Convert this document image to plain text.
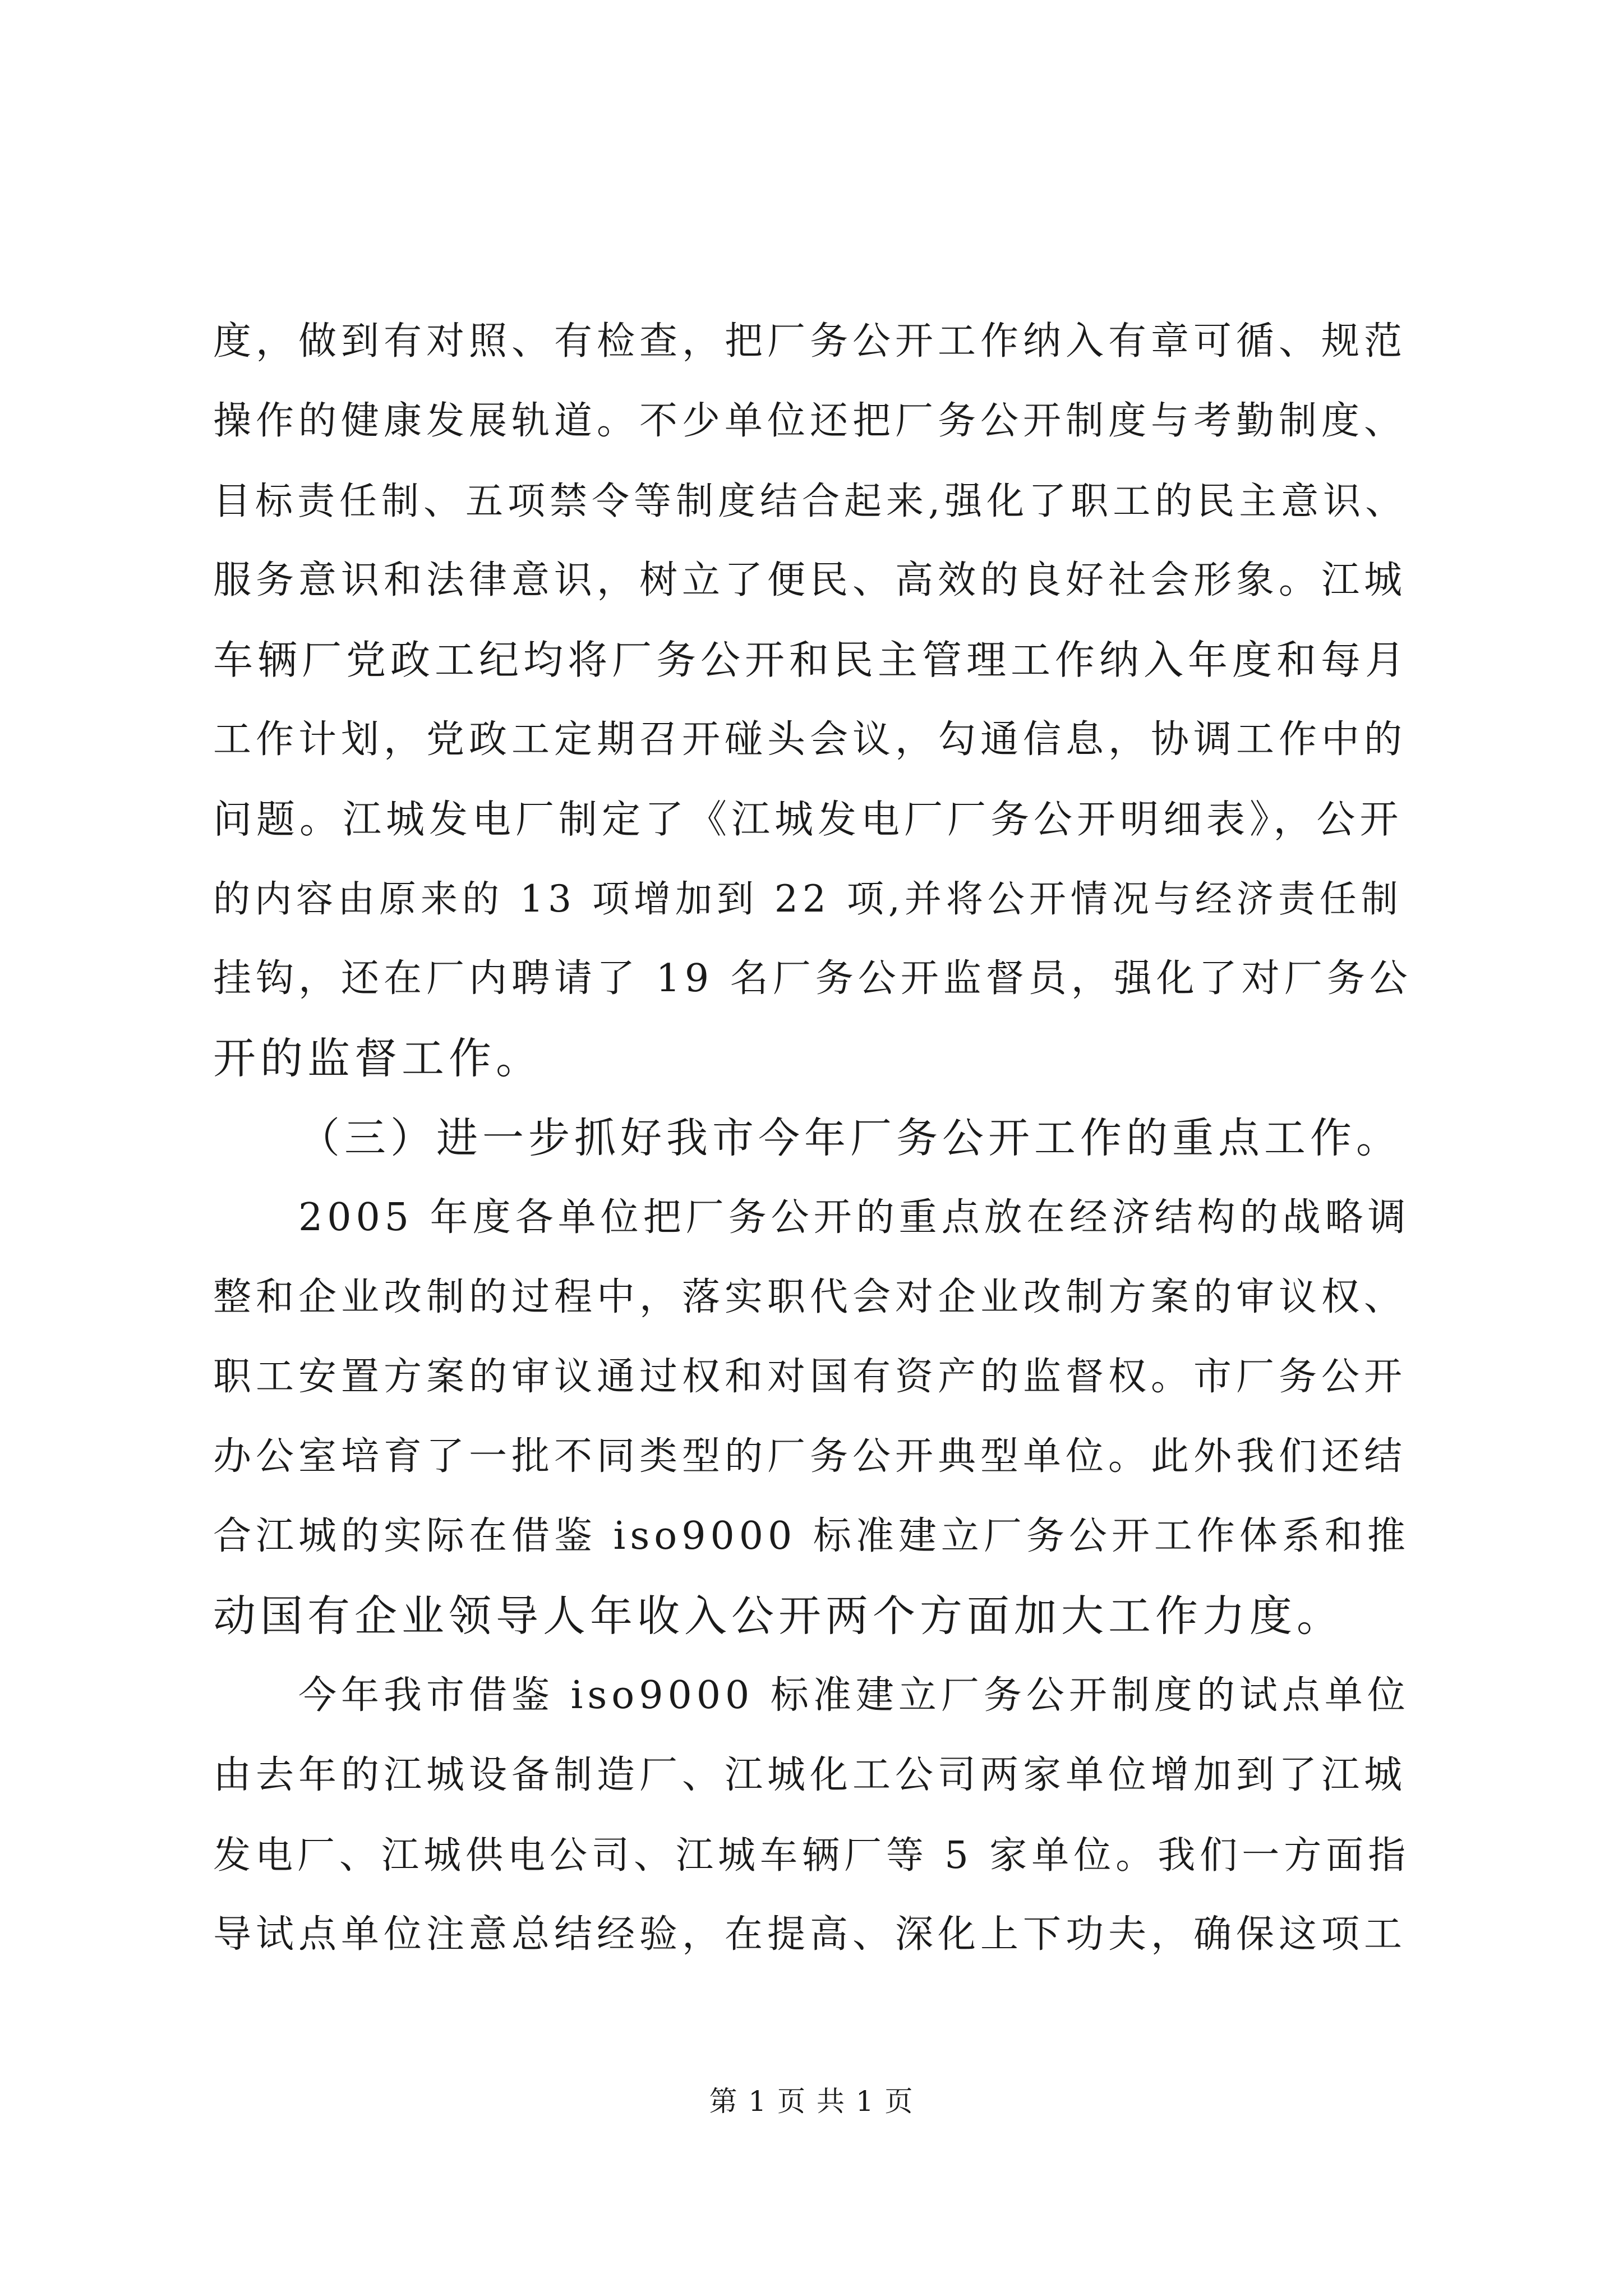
度，做到有对照、有检查，把厂务公开工作纳入有章可循、规范
操作的健康发展轨道。不少单位还把厂务公开制度与考勤制度、
目标责任制、五项禁令等制度结合起来,强化了职工的民主意识、
服务意识和法律意识，树立了便民、高效的良好社会形象。江城
车辆厂党政工纪均将厂务公开和民主管理工作纳入年度和每月
工作计划，党政工定期召开碰头会议，勾通信息，协调工作中的
问题。江城发电厂制定了《江城发电厂厂务公开明细表》，公开
的内容由原来的 13 项增加到 22 项,并将公开情况与经济责任制
挂钩，还在厂内聘请了 19 名厂务公开监督员，强化了对厂务公
开的监督工作。
（三）进一步抓好我市今年厂务公开工作的重点工作。
2005 年度各单位把厂务公开的重点放在经济结构的战略调
整和企业改制的过程中，落实职代会对企业改制方案的审议权、
职工安置方案的审议通过权和对国有资产的监督权。市厂务公开
办公室培育了一批不同类型的厂务公开典型单位。此外我们还结
合江城的实际在借鉴 iso9000 标准建立厂务公开工作体系和推
动国有企业领导人年收入公开两个方面加大工作力度。
今年我市借鉴 iso9000 标准建立厂务公开制度的试点单位
由去年的江城设备制造厂、江城化工公司两家单位增加到了江城
发电厂、江城供电公司、江城车辆厂等 5 家单位。我们一方面指
导试点单位注意总结经验，在提高、深化上下功夫，确保这项工
第 1 页 共 1 页
